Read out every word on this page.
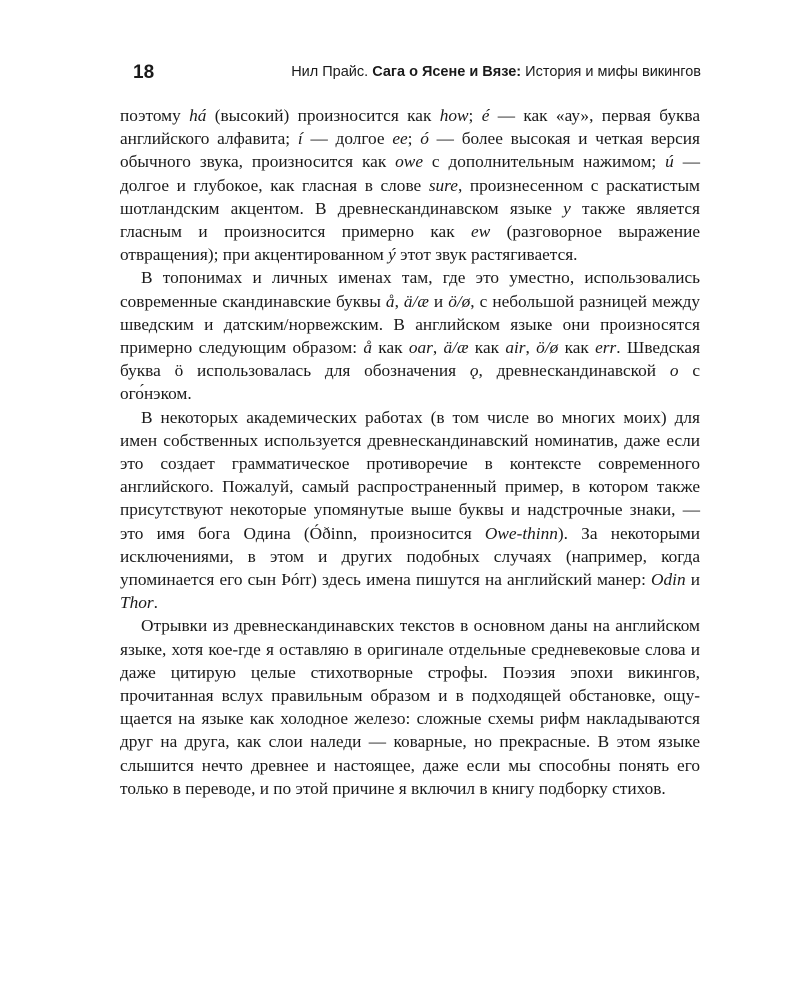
18	Нил Прайс. Сага о Ясене и Вязе: История и мифы викингов

поэтому há (высокий) произносится как how; é — как «ау», первая буква английского алфавита; í — долгое ee; ó — более высокая и четкая версия обычного звука, произносится как owe с дополнительным нажимом; ú — долгое и глубокое, как гласная в слове sure, произнесенном с раскатистым шотландским акцентом. В древнескандинавском языке y также является гласным и произносится примерно как ew (разговорное выражение отвращения); при акцентированном ý этот звук растягивается.

В топонимах и личных именах там, где это уместно, использовались современные скандинавские буквы å, ä/æ и ö/ø, с небольшой разницей между шведским и датским/норвежским. В английском языке они произносятся примерно следующим образом: å как oar, ä/æ как air, ö/ø как err. Шведская буква ö использовалась для обозначения ǫ, древнескандинавской o с ого́нэком.

В некоторых академических работах (в том числе во многих моих) для имен собственных используется древнескандинавский номинатив, даже если это создает грамматическое противоречие в контексте современного английского. Пожалуй, самый распространенный пример, в котором также присутствуют некоторые упомянутые выше буквы и надстрочные знаки, — это имя бога Одина (Óðinn, произносится Owe-thinn). За некоторыми исключениями, в этом и других подобных случаях (например, когда упоминается его сын Þórr) здесь имена пишутся на английский манер: Odin и Thor.

Отрывки из древнескандинавских текстов в основном даны на английском языке, хотя кое-где я оставляю в оригинале отдельные средневековые слова и даже цитирую целые стихотворные строфы. Поэзия эпохи викингов, прочитанная вслух правильным образом и в подходящей обстановке, ощущается на языке как холодное железо: сложные схемы рифм накладываются друг на друга, как слои наледи — коварные, но прекрасные. В этом языке слышится нечто древнее и настоящее, даже если мы способны понять его только в переводе, и по этой причине я включил в книгу подборку стихов.
